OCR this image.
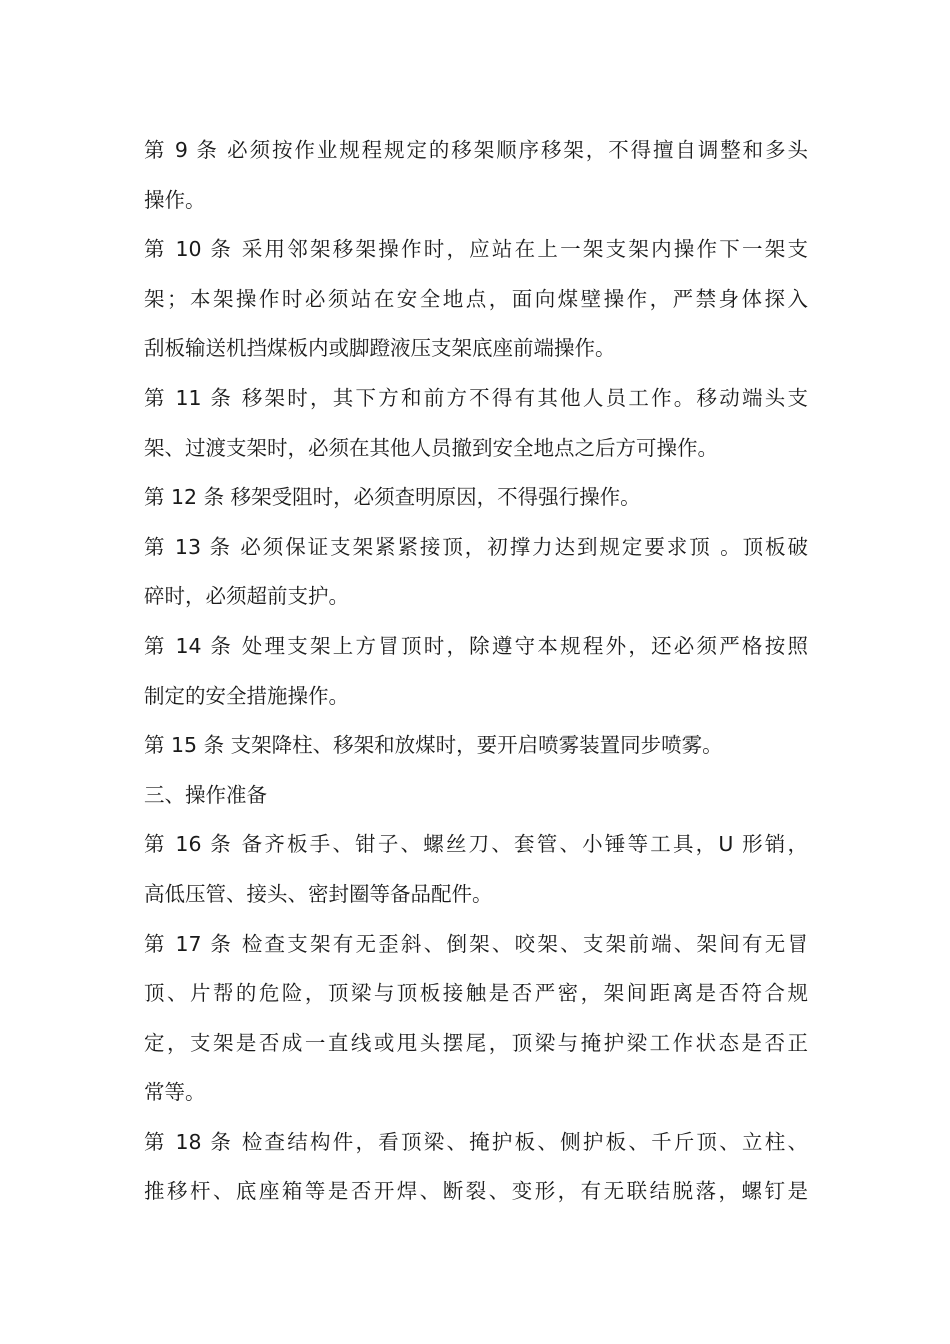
第 9 条 必须按作业规程规定的移架顺序移架，不得擅自调整和多头
操作。
第 10 条 采用邻架移架操作时，应站在上一架支架内操作下一架支
架；本架操作时必须站在安全地点，面向煤壁操作，严禁身体探入
刮板输送机挡煤板内或脚蹬液压支架底座前端操作。
第 11 条 移架时，其下方和前方不得有其他人员工作。移动端头支
架、过渡支架时，必须在其他人员撤到安全地点之后方可操作。
第 12 条 移架受阻时，必须查明原因，不得强行操作。
第 13 条 必须保证支架紧紧接顶，初撑力达到规定要求顶 。顶板破
碎时，必须超前支护。
第 14 条 处理支架上方冒顶时，除遵守本规程外，还必须严格按照
制定的安全措施操作。
第 15 条 支架降柱、移架和放煤时，要开启喷雾装置同步喷雾。
三、操作准备
第 16 条 备齐板手、钳子、螺丝刀、套管、小锤等工具，U 形销，
高低压管、接头、密封圈等备品配件。
第 17 条 检查支架有无歪斜、倒架、咬架、支架前端、架间有无冒
顶、片帮的危险，顶梁与顶板接触是否严密，架间距离是否符合规
定，支架是否成一直线或甩头摆尾，顶梁与掩护梁工作状态是否正
常等。
第 18 条 检查结构件，看顶梁、掩护板、侧护板、千斤顶、立柱、
推移杆、底座箱等是否开焊、断裂、变形，有无联结脱落，螺钉是
